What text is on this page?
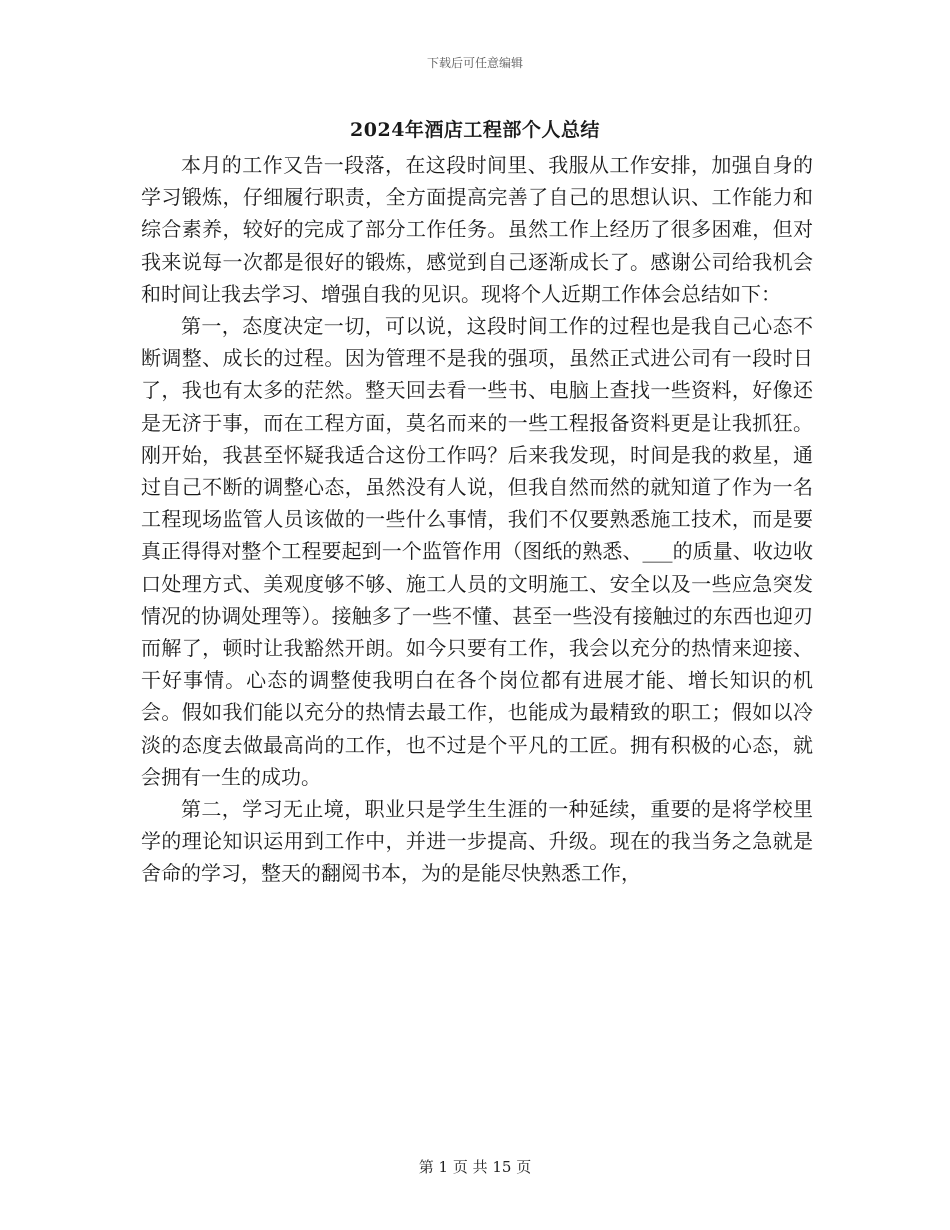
下载后可任意编辑
2024年酒店工程部个人总结

本月的工作又告一段落，在这段时间里、我服从工作安排，加强自身的学习锻炼，仔细履行职责，全方面提高完善了自己的思想认识、工作能力和综合素养，较好的完成了部分工作任务。虽然工作上经历了很多困难，但对我来说每一次都是很好的锻炼，感觉到自己逐渐成长了。感谢公司给我机会和时间让我去学习、增强自我的见识。现将个人近期工作体会总结如下：

第一，态度决定一切，可以说，这段时间工作的过程也是我自己心态不断调整、成长的过程。因为管理不是我的强项，虽然正式进公司有一段时日了，我也有太多的茫然。整天回去看一些书、电脑上查找一些资料，好像还是无济于事，而在工程方面，莫名而来的一些工程报备资料更是让我抓狂。刚开始，我甚至怀疑我适合这份工作吗？后来我发现，时间是我的救星，通过自己不断的调整心态，虽然没有人说，但我自然而然的就知道了作为一名工程现场监管人员该做的一些什么事情，我们不仅要熟悉施工技术，而是要真正得得对整个工程要起到一个监管作用（图纸的熟悉、___的质量、收边收口处理方式、美观度够不够、施工人员的文明施工、安全以及一些应急突发情况的协调处理等）。接触多了一些不懂、甚至一些没有接触过的东西也迎刃而解了，顿时让我豁然开朗。如今只要有工作，我会以充分的热情来迎接、干好事情。心态的调整使我明白在各个岗位都有进展才能、增长知识的机会。假如我们能以充分的热情去最工作，也能成为最精致的职工；假如以冷淡的态度去做最高尚的工作，也不过是个平凡的工匠。拥有积极的心态，就会拥有一生的成功。

第二，学习无止境，职业只是学生生涯的一种延续，重要的是将学校里学的理论知识运用到工作中，并进一步提高、升级。现在的我当务之急就是舍命的学习，整天的翻阅书本，为的是能尽快熟悉工作，

第 1 页 共 15 页
